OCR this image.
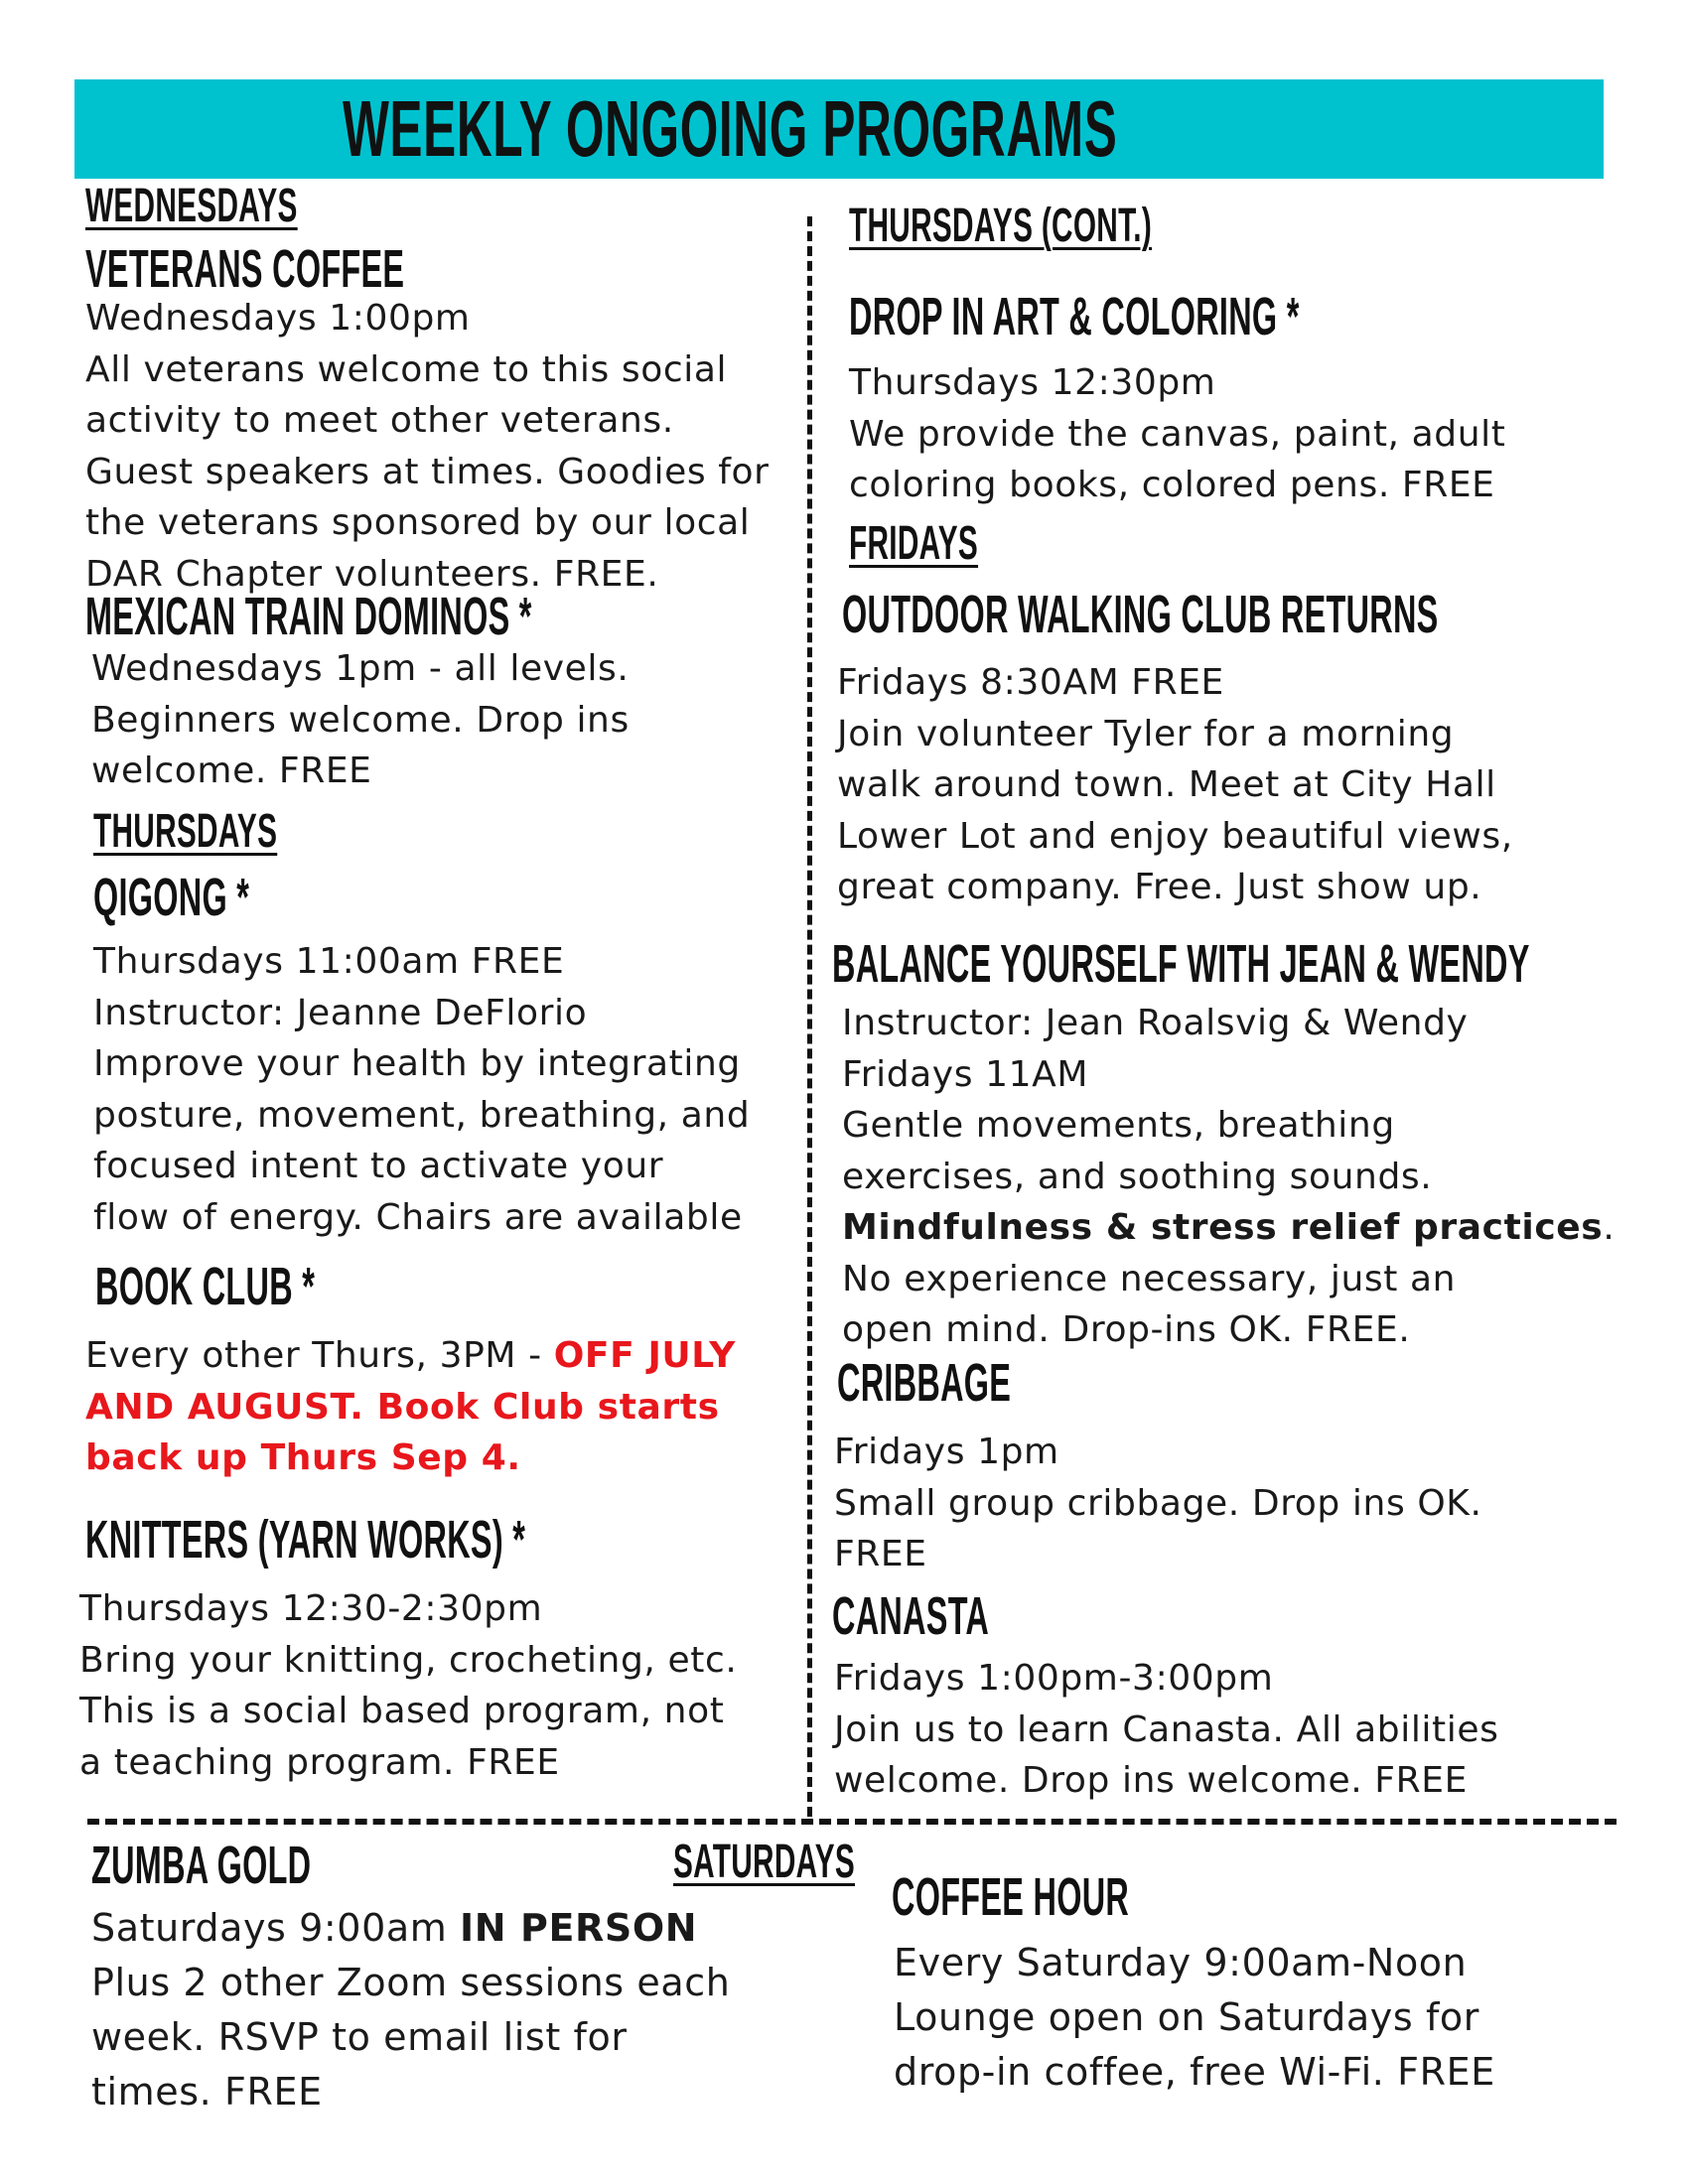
WEEKLY ONGOING PROGRAMS
WEDNESDAYS
VETERANS COFFEE
Wednesdays 1:00pm
All veterans welcome to this social
activity to meet other veterans.
Guest speakers at times. Goodies for
the veterans sponsored by our local
DAR Chapter volunteers. FREE.
MEXICAN TRAIN DOMINOS *
Wednesdays 1pm - all levels.
Beginners welcome. Drop ins
welcome. FREE
THURSDAYS
QIGONG *
Thursdays 11:00am FREE
Instructor: Jeanne DeFlorio
Improve your health by integrating
posture, movement, breathing, and
focused intent to activate your
flow of energy. Chairs are available
BOOK CLUB *
Every other Thurs, 3PM - OFF JULY
AND AUGUST. Book Club starts
back up Thurs Sep 4.
KNITTERS (YARN WORKS) *
Thursdays 12:30-2:30pm
Bring your knitting, crocheting, etc.
This is a social based program, not
a teaching program. FREE
THURSDAYS (CONT.)
DROP IN ART & COLORING *
Thursdays 12:30pm
We provide the canvas, paint, adult
coloring books, colored pens. FREE
FRIDAYS
OUTDOOR WALKING CLUB RETURNS
Fridays 8:30AM FREE
Join volunteer Tyler for a morning
walk around town. Meet at City Hall
Lower Lot and enjoy beautiful views,
great company. Free. Just show up.
BALANCE YOURSELF WITH JEAN & WENDY
Instructor: Jean Roalsvig & Wendy
Fridays 11AM
Gentle movements, breathing
exercises, and soothing sounds.
Mindfulness & stress relief practices.
No experience necessary, just an
open mind. Drop-ins OK. FREE.
CRIBBAGE
Fridays 1pm
Small group cribbage. Drop ins OK.
FREE
CANASTA
Fridays 1:00pm-3:00pm
Join us to learn Canasta. All abilities
welcome. Drop ins welcome. FREE
ZUMBA GOLD	SATURDAYS
Saturdays 9:00am IN PERSON
Plus 2 other Zoom sessions each
week. RSVP to email list for
times. FREE
COFFEE HOUR
Every Saturday 9:00am-Noon
Lounge open on Saturdays for
drop-in coffee, free Wi-Fi. FREE
